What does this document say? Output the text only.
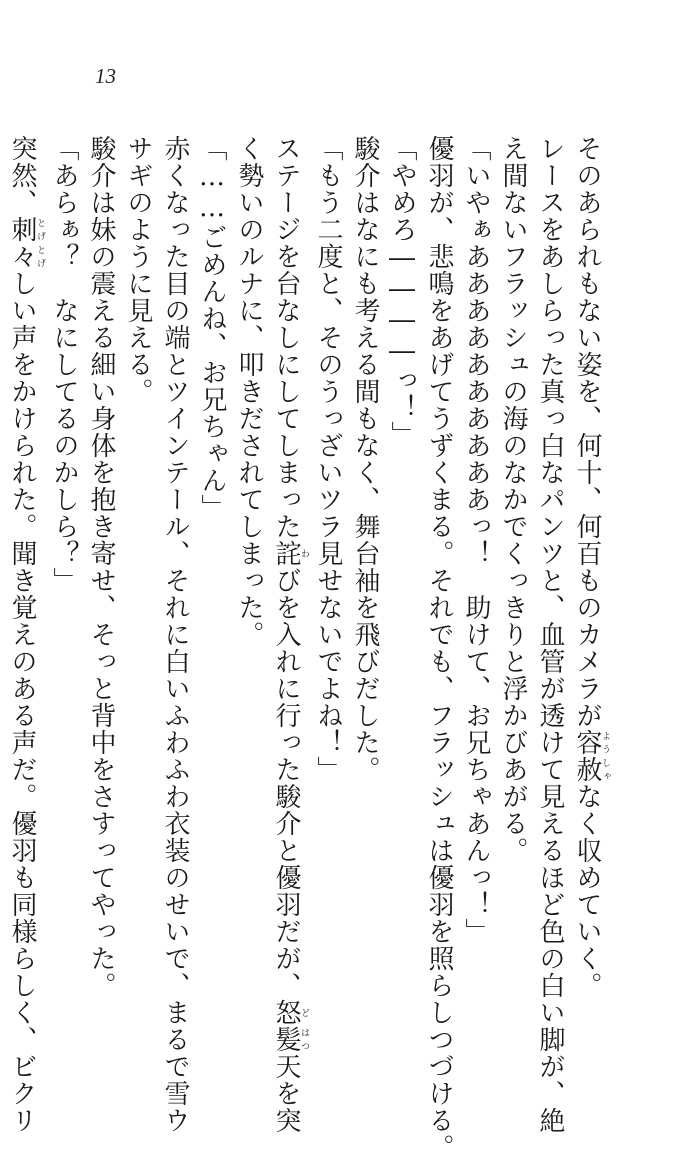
13
そのあられもない姿を、何十、何百ものカメラが容赦ようしゃなく収めていく。
レースをあしらった真っ白なパンツと、血管が透けて見えるほど色の白い脚が、絶
え間ないフラッシュの海のなかでくっきりと浮かびあがる。
「いやぁああああああああああっ！　助けて、お兄ちゃあんっ！」
優羽が、悲鳴をあげてうずくまる。それでも、フラッシュは優羽を照らしつづける。
「やめろ――――っ！」
駿介はなにも考える間もなく、舞台袖を飛びだした。
「もう二度と、そのうっざいツラ見せないでよね！」
ステージを台なしにしてしまった詫わびを入れに行った駿介と優羽だが、怒ど髪はつ天を突
く勢いのルナに、叩きだされてしまった。
「……ごめんね、お兄ちゃん」
赤くなった目の端とツインテール、それに白いふわふわ衣装のせいで、まるで雪ウ
サギのように見える。
駿介は妹の震える細い身体を抱き寄せ、そっと背中をさすってやった。
「あらぁ？　なにしてるのかしら？」
突然、刺々とげとげしい声をかけられた。聞き覚えのある声だ。優羽も同様らしく、ビクリ
